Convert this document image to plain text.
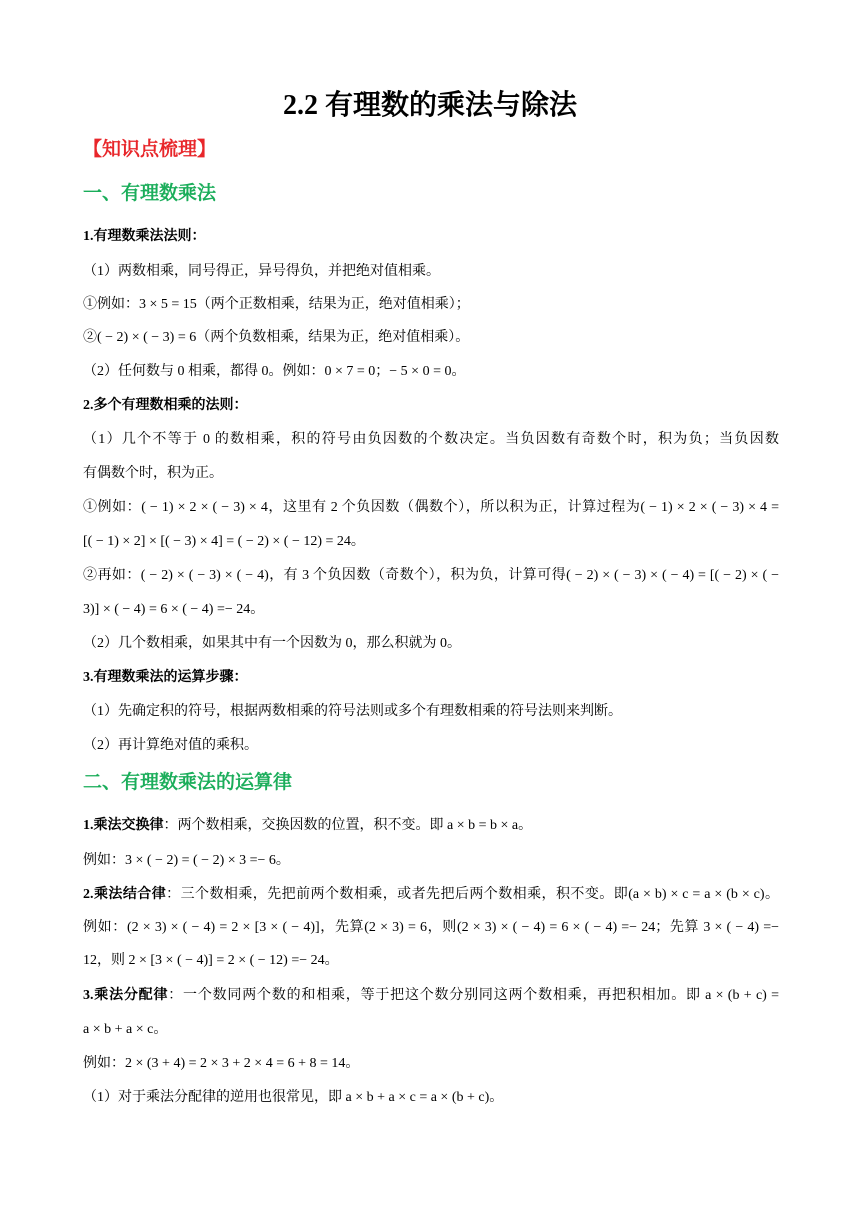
2.2 有理数的乘法与除法
【知识点梳理】
一、有理数乘法
1.有理数乘法法则：
（1）两数相乘，同号得正，异号得负，并把绝对值相乘。
①例如：3 × 5 = 15（两个正数相乘，结果为正，绝对值相乘）；
②( − 2) × ( − 3) = 6（两个负数相乘，结果为正，绝对值相乘）。
（2）任何数与 0 相乘，都得 0。例如：0 × 7 = 0；− 5 × 0 = 0。
2.多个有理数相乘的法则：
（1）几个不等于 0 的数相乘，积的符号由负因数的个数决定。当负因数有奇数个时，积为负；当负因数
有偶数个时，积为正。
①例如：( − 1) × 2 × ( − 3) × 4，这里有 2 个负因数（偶数个），所以积为正，计算过程为( − 1) × 2 × ( − 3) × 4 =
[( − 1) × 2] × [( − 3) × 4] = ( − 2) × ( − 12) = 24。
②再如：( − 2) × ( − 3) × ( − 4)，有 3 个负因数（奇数个），积为负，计算可得( − 2) × ( − 3) × ( − 4) = [( − 2) × ( −
3)] × ( − 4) = 6 × ( − 4) =− 24。
（2）几个数相乘，如果其中有一个因数为 0，那么积就为 0。
3.有理数乘法的运算步骤：
（1）先确定积的符号，根据两数相乘的符号法则或多个有理数相乘的符号法则来判断。
（2）再计算绝对值的乘积。
二、有理数乘法的运算律
1.乘法交换律：两个数相乘，交换因数的位置，积不变。即 a × b = b × a。
例如：3 × ( − 2) = ( − 2) × 3 =− 6。
2.乘法结合律：三个数相乘，先把前两个数相乘，或者先把后两个数相乘，积不变。即(a × b) × c = a × (b × c)。
例如：(2 × 3) × ( − 4) = 2 × [3 × ( − 4)]，先算(2 × 3) = 6，则(2 × 3) × ( − 4) = 6 × ( − 4) =− 24；先算 3 × ( − 4) =−
12，则 2 × [3 × ( − 4)] = 2 × ( − 12) =− 24。
3.乘法分配律：一个数同两个数的和相乘，等于把这个数分别同这两个数相乘，再把积相加。即 a × (b + c) =
a × b + a × c。
例如：2 × (3 + 4) = 2 × 3 + 2 × 4 = 6 + 8 = 14。
（1）对于乘法分配律的逆用也很常见，即 a × b + a × c = a × (b + c)。
